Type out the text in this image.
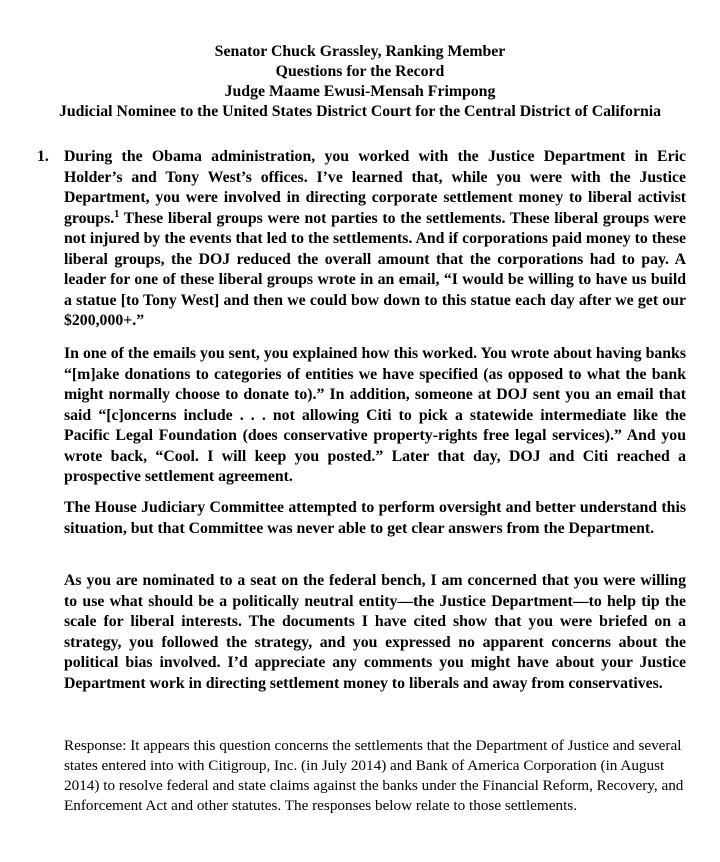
Senator Chuck Grassley, Ranking Member
Questions for the Record
Judge Maame Ewusi-Mensah Frimpong
Judicial Nominee to the United States District Court for the Central District of California
1. During the Obama administration, you worked with the Justice Department in Eric Holder’s and Tony West’s offices. I’ve learned that, while you were with the Justice Department, you were involved in directing corporate settlement money to liberal activist groups.$^1$ These liberal groups were not parties to the settlements. These liberal groups were not injured by the events that led to the settlements. And if corporations paid money to these liberal groups, the DOJ reduced the overall amount that the corporations had to pay. A leader for one of these liberal groups wrote in an email, “I would be willing to have us build a statue [to Tony West] and then we could bow down to this statue each day after we get our $200,000+.”

In one of the emails you sent, you explained how this worked. You wrote about having banks “[m]ake donations to categories of entities we have specified (as opposed to what the bank might normally choose to donate to).” In addition, someone at DOJ sent you an email that said “[c]oncerns include . . . not allowing Citi to pick a statewide intermediate like the Pacific Legal Foundation (does conservative property-rights free legal services).” And you wrote back, “Cool. I will keep you posted.” Later that day, DOJ and Citi reached a prospective settlement agreement.

The House Judiciary Committee attempted to perform oversight and better understand this situation, but that Committee was never able to get clear answers from the Department.

As you are nominated to a seat on the federal bench, I am concerned that you were willing to use what should be a politically neutral entity—the Justice Department—to help tip the scale for liberal interests. The documents I have cited show that you were briefed on a strategy, you followed the strategy, and you expressed no apparent concerns about the political bias involved. I’d appreciate any comments you might have about your Justice Department work in directing settlement money to liberals and away from conservatives.

Response: It appears this question concerns the settlements that the Department of Justice and several states entered into with Citigroup, Inc. (in July 2014) and Bank of America Corporation (in August 2014) to resolve federal and state claims against the banks under the Financial Reform, Recovery, and Enforcement Act and other statutes. The responses below relate to those settlements.
